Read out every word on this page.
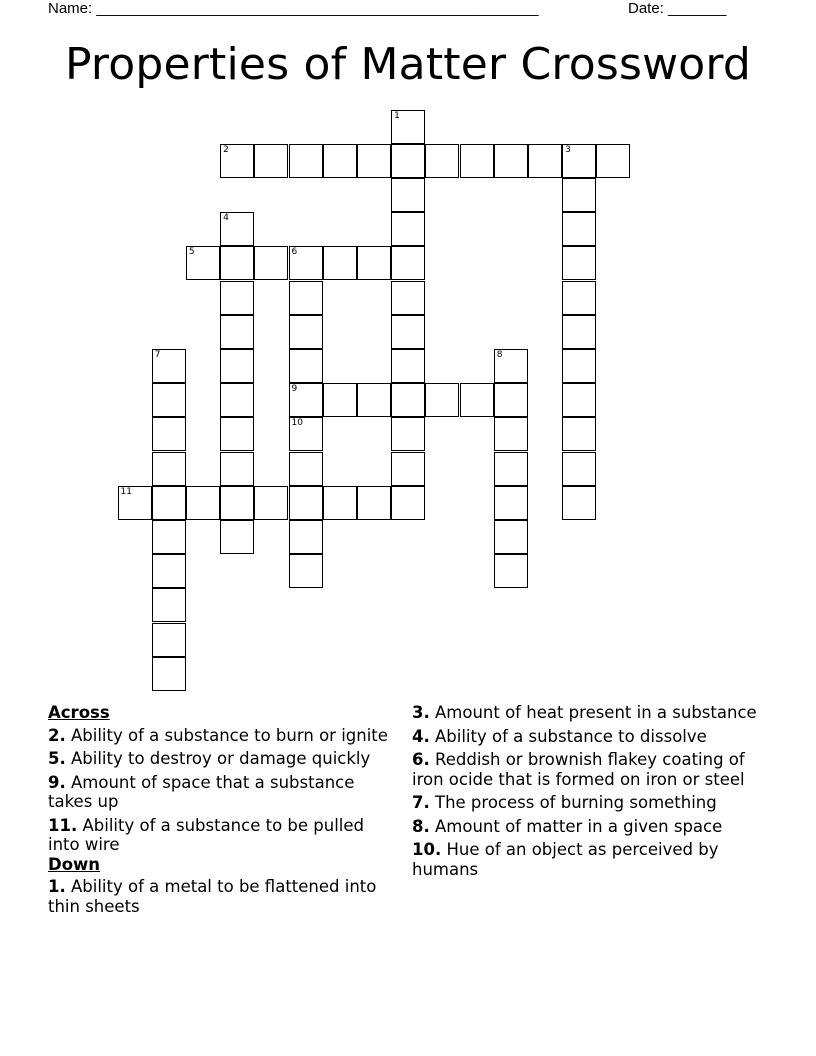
Name: _____________________________________________________	Date: _______
Properties of Matter Crossword
1
2	3
4
5	6
7	8
9
10
11
Across
2. Ability of a substance to burn or ignite
5. Ability to destroy or damage quickly
9. Amount of space that a substance takes up
11. Ability of a substance to be pulled into wire
Down
1. Ability of a metal to be flattened into thin sheets
3. Amount of heat present in a substance
4. Ability of a substance to dissolve
6. Reddish or brownish flakey coating of iron ocide that is formed on iron or steel
7. The process of burning something
8. Amount of matter in a given space
10. Hue of an object as perceived by humans
